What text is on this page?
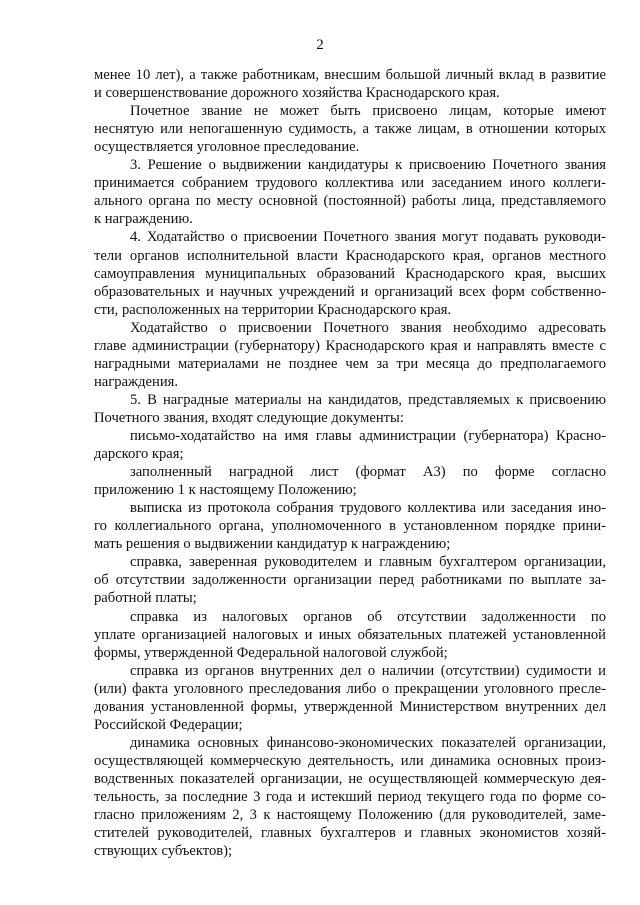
2
менее 10 лет), а также работникам, внесшим большой личный вклад в развитие
и совершенствование дорожного хозяйства Краснодарского края.
Почетное звание не может быть присвоено лицам, которые имеют
неснятую или непогашенную судимость, а также лицам, в отношении которых
осуществляется уголовное преследование.
3. Решение о выдвижении кандидатуры к присвоению Почетного звания
принимается собранием трудового коллектива или заседанием иного коллеги-
ального органа по месту основной (постоянной) работы лица, представляемого
к награждению.
4. Ходатайство о присвоении Почетного звания могут подавать руководи-
тели органов исполнительной власти Краснодарского края, органов местного
самоуправления муниципальных образований Краснодарского края, высших
образовательных и научных учреждений и организаций всех форм собственно-
сти, расположенных на территории Краснодарского края.
Ходатайство о присвоении Почетного звания необходимо адресовать
главе администрации (губернатору) Краснодарского края и направлять вместе с
наградными материалами не позднее чем за три месяца до предполагаемого
награждения.
5. В наградные материалы на кандидатов, представляемых к присвоению
Почетного звания, входят следующие документы:
письмо-ходатайство на имя главы администрации (губернатора) Красно-
дарского края;
заполненный наградной лист (формат А3) по форме согласно
приложению 1 к настоящему Положению;
выписка из протокола собрания трудового коллектива или заседания ино-
го коллегиального органа, уполномоченного в установленном порядке прини-
мать решения о выдвижении кандидатур к награждению;
справка, заверенная руководителем и главным бухгалтером организации,
об отсутствии задолженности организации перед работниками по выплате за-
работной платы;
справка из налоговых органов об отсутствии задолженности по
уплате организацией налоговых и иных обязательных платежей установленной
формы, утвержденной Федеральной налоговой службой;
справка из органов внутренних дел о наличии (отсутствии) судимости и
(или) факта уголовного преследования либо о прекращении уголовного пресле-
дования установленной формы, утвержденной Министерством внутренних дел
Российской Федерации;
динамика основных финансово-экономических показателей организации,
осуществляющей коммерческую деятельность, или динамика основных произ-
водственных показателей организации, не осуществляющей коммерческую дея-
тельность, за последние 3 года и истекший период текущего года по форме со-
гласно приложениям 2, 3 к настоящему Положению (для руководителей, заме-
стителей руководителей, главных бухгалтеров и главных экономистов хозяй-
ствующих субъектов);
